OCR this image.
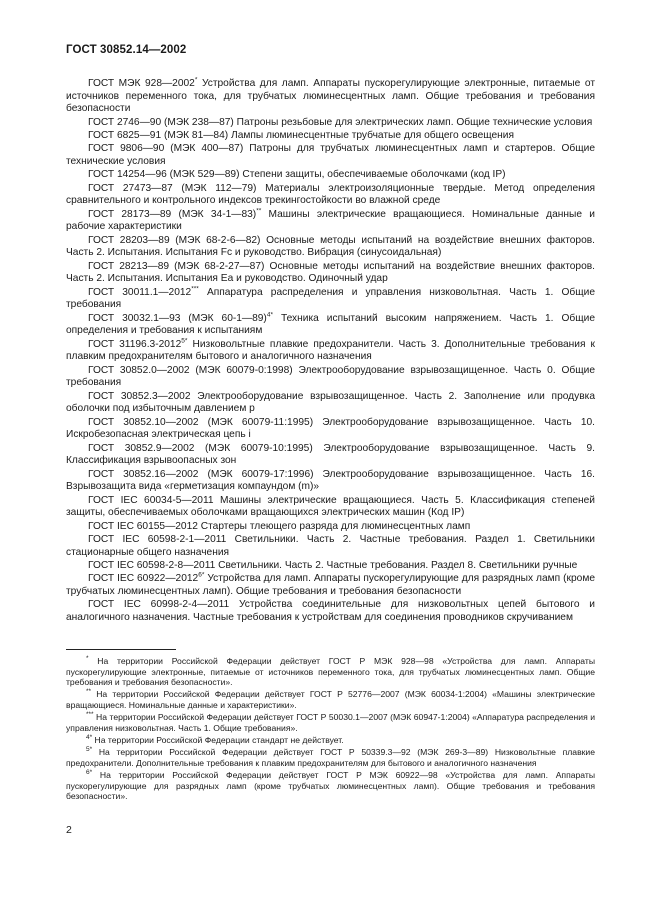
ГОСТ 30852.14—2002

ГОСТ МЭК 928—2002* Устройства для ламп. Аппараты пускорегулирующие электронные, питаемые от источников переменного тока, для трубчатых люминесцентных ламп. Общие требования и требования безопасности

ГОСТ 2746—90 (МЭК 238—87) Патроны резьбовые для электрических ламп. Общие технические условия

ГОСТ 6825—91 (МЭК 81—84) Лампы люминесцентные трубчатые для общего освещения

ГОСТ 9806—90 (МЭК 400—87) Патроны для трубчатых люминесцентных ламп и стартеров. Общие технические условия

ГОСТ 14254—96 (МЭК 529—89) Степени защиты, обеспечиваемые оболочками (код IP)

ГОСТ 27473—87 (МЭК 112—79) Материалы электроизоляционные твердые. Метод определения сравнительного и контрольного индексов трекингостойкости во влажной среде

ГОСТ 28173—89 (МЭК 34-1—83)** Машины электрические вращающиеся. Номинальные данные и рабочие характеристики

ГОСТ 28203—89 (МЭК 68-2-6—82) Основные методы испытаний на воздействие внешних факторов. Часть 2. Испытания. Испытания Fc и руководство. Вибрация (синусоидальная)

ГОСТ 28213—89 (МЭК 68-2-27—87) Основные методы испытаний на воздействие внешних факторов. Часть 2. Испытания. Испытания Еа и руководство. Одиночный удар

ГОСТ 30011.1—2012*** Аппаратура распределения и управления низковольтная. Часть 1. Общие требования

ГОСТ 30032.1—93 (МЭК 60-1—89)$^{4*}$ Техника испытаний высоким напряжением. Часть 1. Общие определения и требования к испытаниям

ГОСТ $31196.3-2012^{5*}$ Низковольтные плавкие предохранители. Часть 3. Дополнительные требования к плавким предохранителям бытового и аналогичного назначения

ГОСТ 30852.0—2002 (МЭК 60079-0:1998) Электрооборудование взрывозащищенное. Часть 0. Общие требования

ГОСТ 30852.3—2002 Электрооборудование взрывозащищенное. Часть 2. Заполнение или продувка оболочки под избыточным давлением p

ГОСТ 30852.10—2002 (МЭК 60079-11:1995) Электрооборудование взрывозащищенное. Часть 10. Искробезопасная электрическая цепь i

ГОСТ 30852.9—2002 (МЭК 60079-10:1995) Электрооборудование взрывозащищенное. Часть 9. Классификация взрывоопасных зон

ГОСТ 30852.16—2002 (МЭК 60079-17:1996) Электрооборудование взрывозащищенное. Часть 16. Взрывозащита вида «герметизация компаундом (m)»

ГОСТ IEC 60034-5—2011 Машины электрические вращающиеся. Часть 5. Классификация степеней защиты, обеспечиваемых оболочками вращающихся электрических машин (Код IP)

ГОСТ IEC 60155—2012 Стартеры тлеющего разряда для люминесцентных ламп

ГОСТ IEC 60598-2-1—2011 Светильники. Часть 2. Частные требования. Раздел 1. Светильники стационарные общего назначения

ГОСТ IEC 60598-2-8—2011 Светильники. Часть 2. Частные требования. Раздел 8. Светильники ручные

ГОСТ IEC $60922—2012^{6*}$ Устройства для ламп. Аппараты пускорегулирующие для разрядных ламп (кроме трубчатых люминесцентных ламп). Общие требования и требования безопасности

ГОСТ IEC 60998-2-4—2011 Устройства соединительные для низковольтных цепей бытового и аналогичного назначения. Частные требования к устройствам для соединения проводников скручиванием

* На территории Российской Федерации действует ГОСТ Р МЭК 928—98 «Устройства для ламп. Аппараты пускорегулирующие электронные, питаемые от источников переменного тока, для трубчатых люминесцентных ламп. Общие требования и требования безопасности».

** На территории Российской Федерации действует ГОСТ Р 52776—2007 (МЭК 60034-1:2004) «Машины электрические вращающиеся. Номинальные данные и характеристики».

*** На территории Российской Федерации действует ГОСТ Р 50030.1—2007 (МЭК 60947-1:2004) «Аппаратура распределения и управления низковольтная. Часть 1. Общие требования».

$^{4*}$ На территории Российской Федерации стандарт не действует.

$^{5*}$ На территории Российской Федерации действует ГОСТ Р 50339.3—92 (МЭК 269-3—89) Низковольтные плавкие предохранители. Дополнительные требования к плавким предохранителям для бытового и аналогичного назначения

$^{6*}$ На территории Российской Федерации действует ГОСТ Р МЭК 60922—98 «Устройства для ламп. Аппараты пускорегулирующие для разрядных ламп (кроме трубчатых люминесцентных ламп). Общие требования и требования безопасности».

2
